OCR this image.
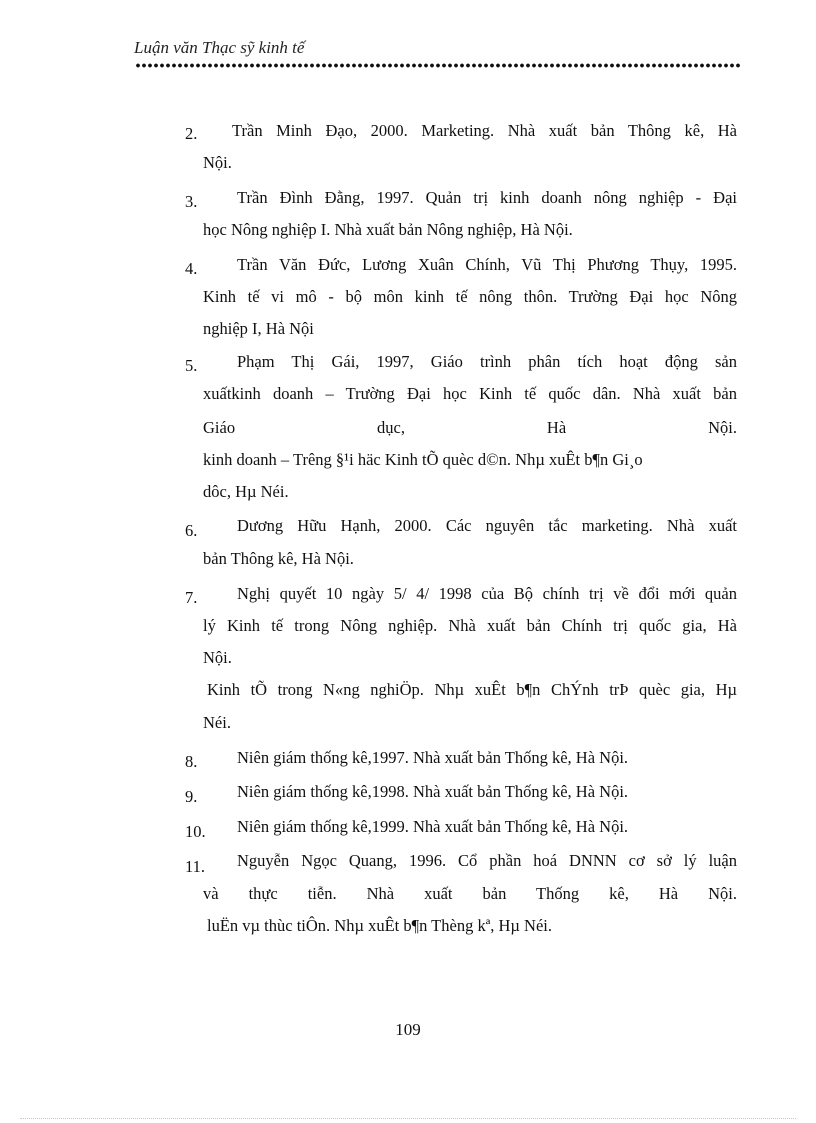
Luận văn Thạc sỹ kinh tế
2. Trần Minh Đạo, 2000. Marketing. Nhà xuất bản Thông kê, Hà
Nội.
3. Trần Đình Đằng, 1997. Quản trị kinh doanh nông nghiệp - Đại
học Nông nghiệp I. Nhà xuất bản Nông nghiệp, Hà Nội.
4. Trần Văn Đức, Lương Xuân Chính, Vũ Thị Phương Thụy, 1995.
Kinh tế vi mô - bộ môn kinh tế nông thôn. Trường Đại học Nông
nghiệp I, Hà Nội
5. Phạm Thị Gái, 1997, Giáo trình phân tích hoạt động sản
xuấtkinh doanh – Trường Đại học Kinh tế quốc dân. Nhà xuất bản
Giáo dục, Hà Nội.
kinh doanh – Trêng §¹i häc Kinh tÕ quèc d©n. Nhµ xuÊt b¶n Gi¸o
dôc, Hµ Néi.
6. Dương Hữu Hạnh, 2000. Các nguyên tắc marketing. Nhà xuất
bản Thông kê, Hà Nội.
7. Nghị quyết 10 ngày 5/ 4/ 1998 của Bộ chính trị về đổi mới quản
lý Kinh tế trong Nông nghiệp. Nhà xuất bản Chính trị quốc gia, Hà
Nội.
Kinh tÕ trong N«ng nghiÖp. Nhµ xuÊt b¶n ChÝnh trÞ quèc gia, Hµ
Néi.
8. Niên giám thống kê,1997. Nhà xuất bản Thống kê, Hà Nội.
9. Niên giám thống kê,1998. Nhà xuất bản Thống kê, Hà Nội.
10. Niên giám thống kê,1999. Nhà xuất bản Thống kê, Hà Nội.
11. Nguyễn Ngọc Quang, 1996. Cổ phần hoá DNNN cơ sở lý luận
và thực tiễn. Nhà xuất bản Thống kê, Hà Nội.
luËn vµ thùc tiÔn. Nhµ xuÊt b¶n Thèng kª, Hµ Néi.
109
